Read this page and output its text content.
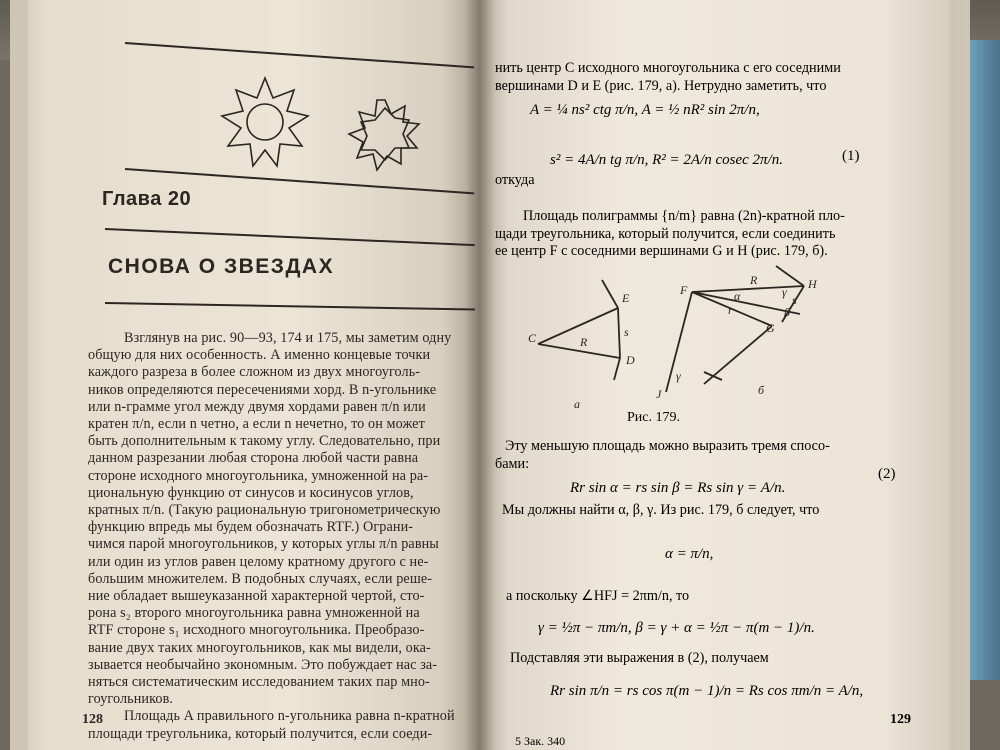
Глава 20
СНОВА О ЗВЕЗДАХ
Взглянув на рис. 90—93, 174 и 175, мы заметим одну
общую для них особенность. А именно концевые точки
каждого разреза в более сложном из двух многоуголь-
ников определяются пересечениями хорд. В n-угольнике
или n-грамме угол между двумя хордами равен π/n или
кратен π/n, если n четно, а если n нечетно, то он может
быть дополнительным к такому углу. Следовательно, при
данном разрезании любая сторона любой части равна
стороне исходного многоугольника, умноженной на ра-
циональную функцию от синусов и косинусов углов,
кратных π/n. (Такую рациональную тригонометрическую
функцию впредь мы будем обозначать RTF.) Ограни-
чимся парой многоугольников, у которых углы π/n равны
или один из углов равен целому кратному другого с не-
большим множителем. В подобных случаях, если реше-
ние обладает вышеуказанной характерной чертой, сто-
рона s₂ второго многоугольника равна умноженной на
RTF стороне s₁ исходного многоугольника. Преобразо-
вание двух таких многоугольников, как мы видели, ока-
зывается необычайно экономным. Это побуждает нас за-
няться систематическим исследованием таких пар мно-
гоугольников.
Площадь A правильного n-угольника равна n-кратной
площади треугольника, который получится, если соеди-
128
нить центр C исходного многоугольника с его соседними
вершинами D и E (рис. 179, a). Нетрудно заметить, что
A = ¼ ns² ctg π/n, A = ½ nR² sin 2π/n,
откуда
s² = 4A/n tg π/n, R² = 2A/n cosec 2π/n.	(1)
Площадь полиграммы {n/m} равна (2n)-кратной пло-
щади треугольника, который получится, если соединить
ее центр F с соседними вершинами G и H (рис. 179, б).
C	R
E
s
D
a
F
R	H
α	γ
s
r	β
G
J
γ
б
Рис. 179.
Эту меньшую площадь можно выразить тремя спосо-
бами:
Rr sin α = rs sin β = Rs sin γ = A/n.
(2)
Мы должны найти α, β, γ. Из рис. 179, б следует, что
α = π/n,
а поскольку ∠HFJ = 2πm/n, то
γ = ½π − πm/n, β = γ + α = ½π − π(m − 1)/n.
Подставляя эти выражения в (2), получаем
Rr sin π/n = rs cos π(m − 1)/n = Rs cos πm/n = A/n,
129
5 Зак. 340
